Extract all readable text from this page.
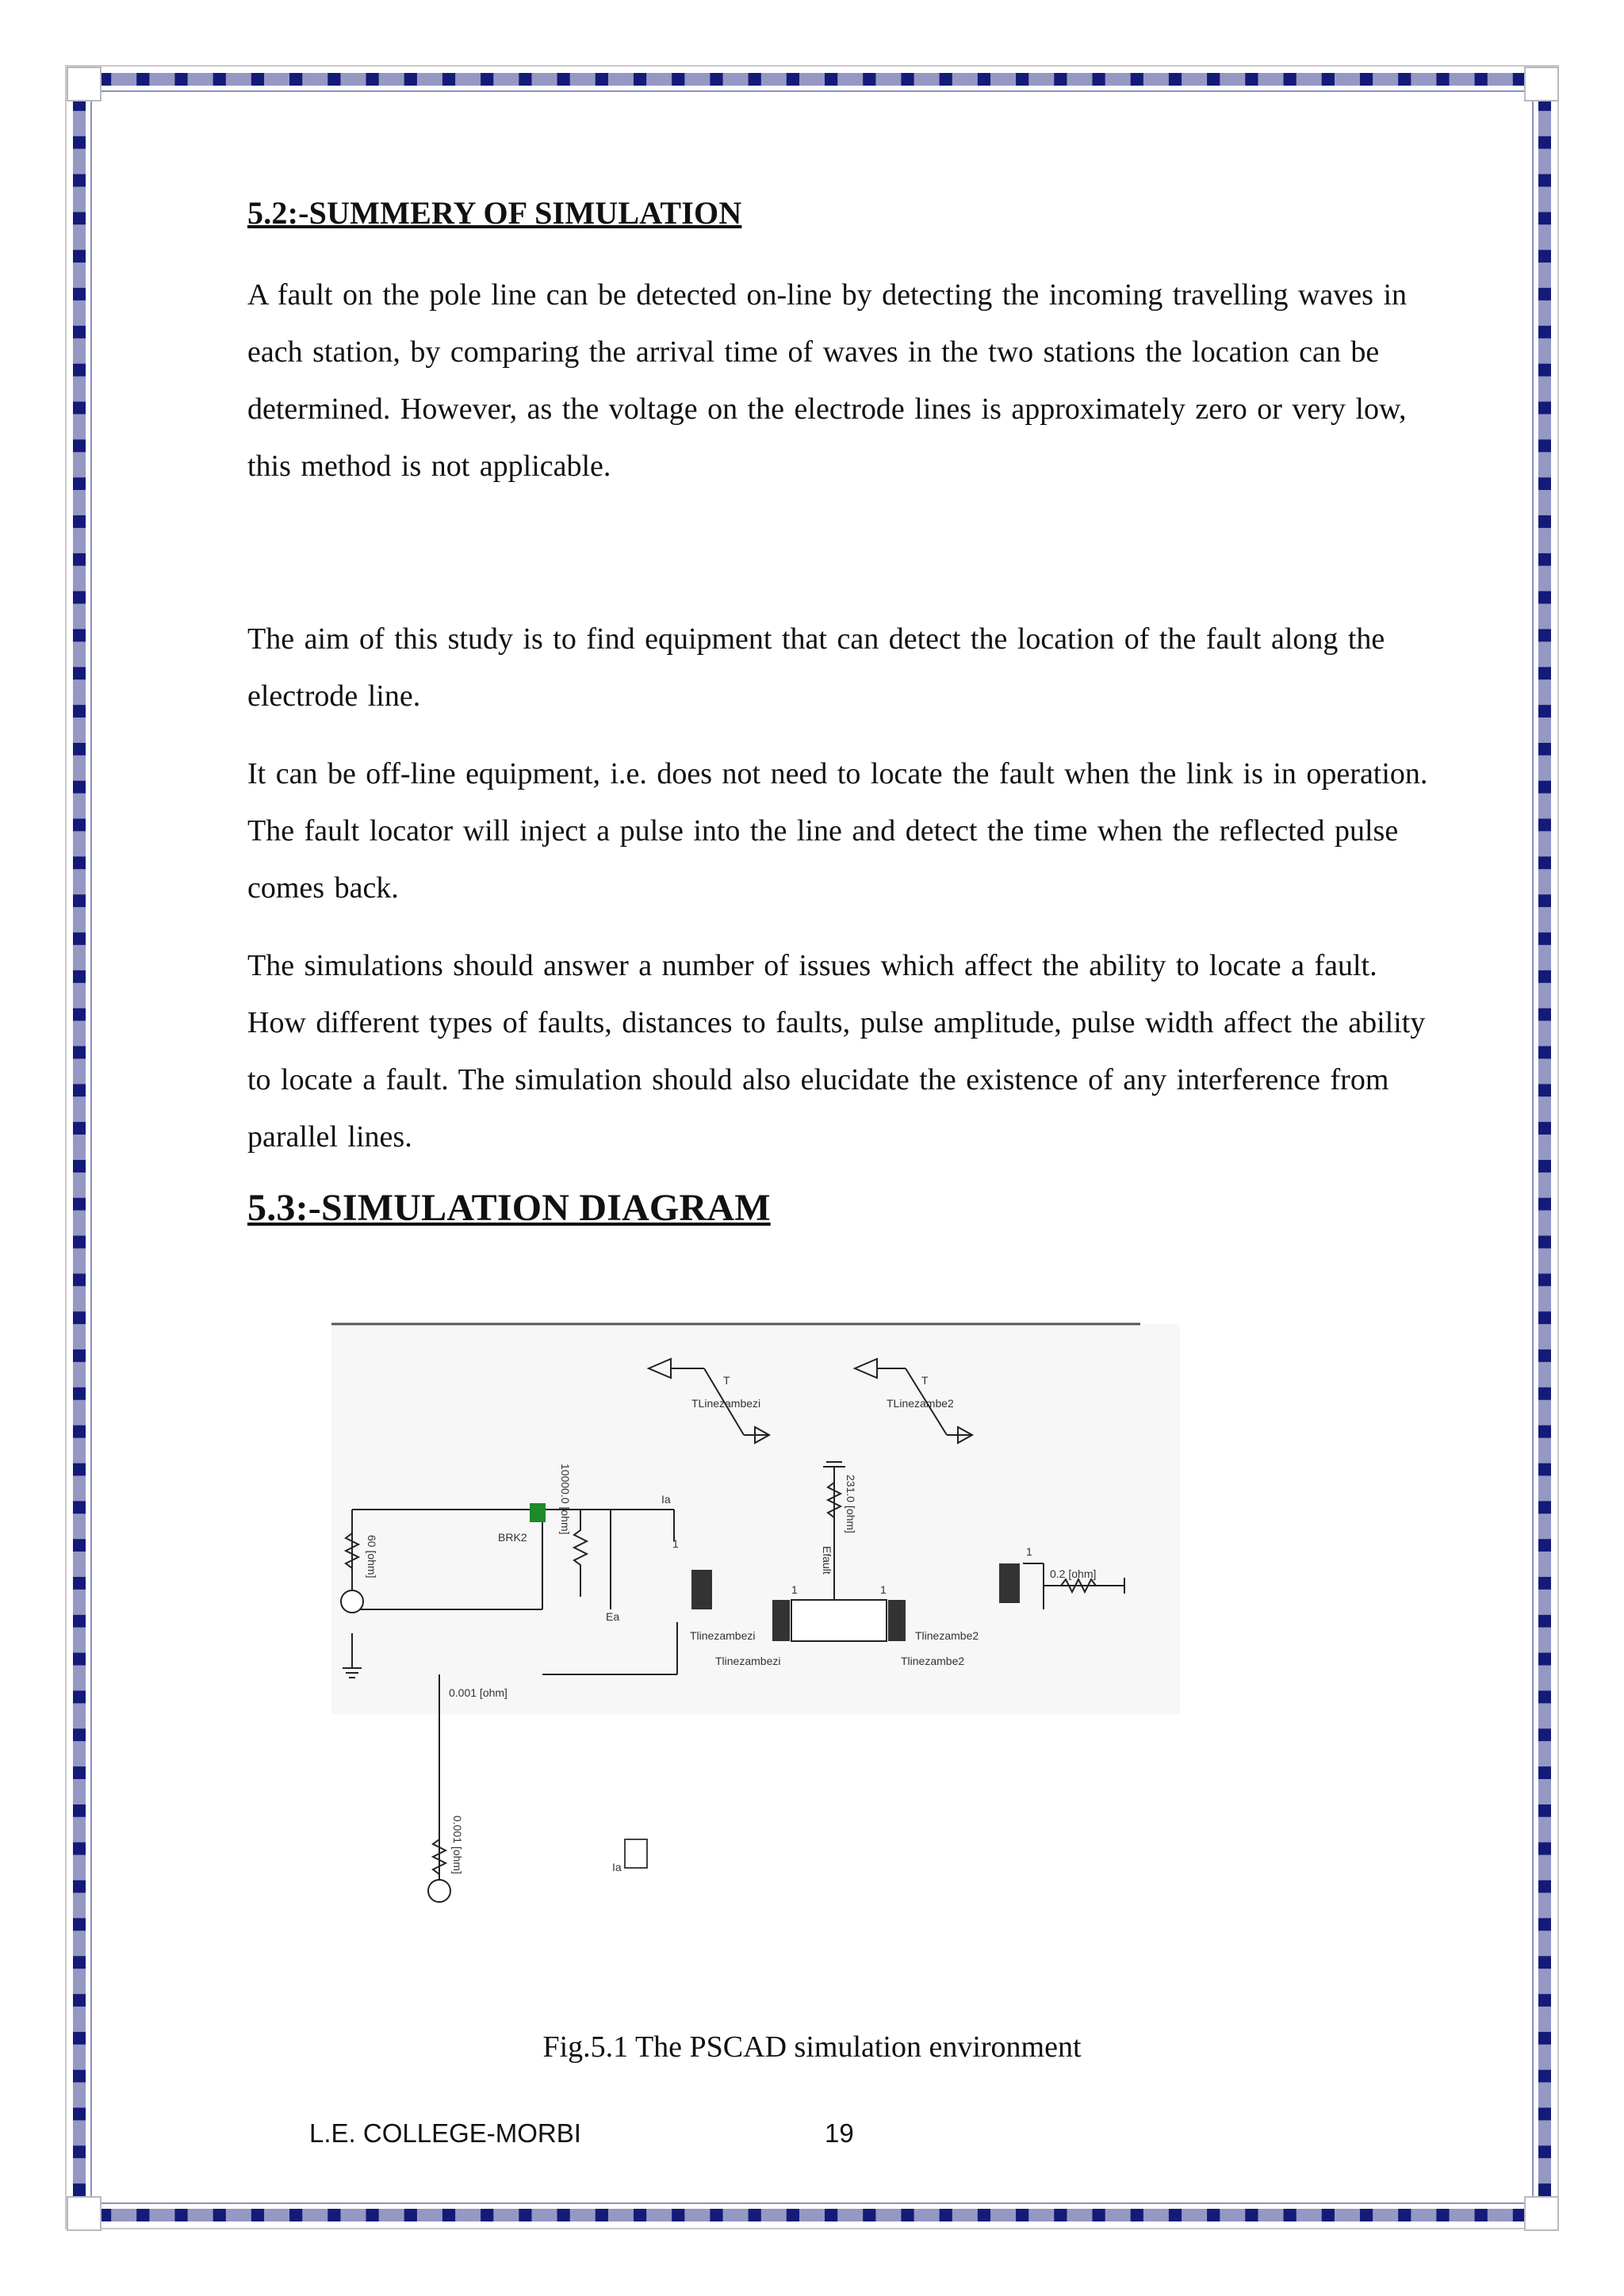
5.2:-SUMMERY OF SIMULATION

A fault on the pole line can be detected on-line by detecting the incoming travelling waves in each station, by comparing the arrival time of waves in the two stations the location can be determined. However, as the voltage on the electrode lines is approximately zero or very low, this method is not applicable.

The aim of this study is to find equipment that can detect the location of the fault along the electrode line.

It can be off-line equipment, i.e. does not need to locate the fault when the link is in operation. The fault locator will inject a pulse into the line and detect the time when the reflected pulse comes back.

The simulations should answer a number of issues which affect the ability to locate a fault. How different types of faults, distances to faults, pulse amplitude, pulse width affect the ability to locate a fault. The simulation should also elucidate the existence of any interference from parallel lines.

5.3:-SIMULATION DIAGRAM
TLinezambezi	TLinezambe2
BRK2
Ia
Ea
1
1	1
1
T	T
0.2 [ohm]
0.001 [ohm]
Tlinezambezi
Tlinezambezi
Tlinezambe2
Tlinezambe2
Ia
10000.0 [ohm]
60 [ohm]
231.0 [ohm]
Efault
0.001 [ohm]
Fig.5.1 The PSCAD simulation environment
L.E. COLLEGE-MORBI	19
